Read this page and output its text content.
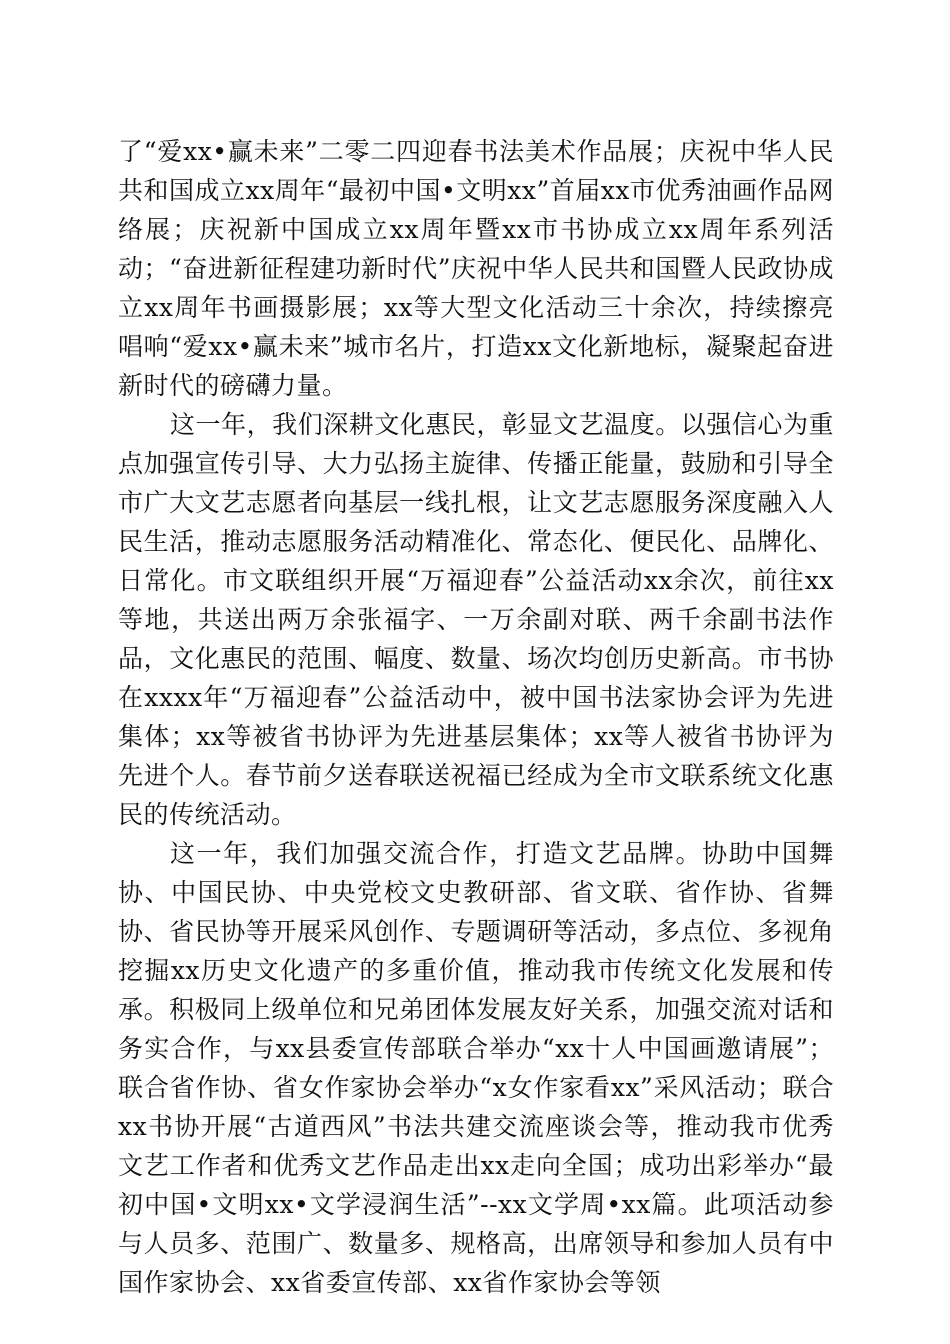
了“爱xx•赢未来”二零二四迎春书法美术作品展；庆祝中华人民共和国成立xx周年“最初中国•文明xx”首届xx市优秀油画作品网络展；庆祝新中国成立xx周年暨xx市书协成立xx周年系列活动；“奋进新征程建功新时代”庆祝中华人民共和国暨人民政协成立xx周年书画摄影展；xx等大型文化活动三十余次，持续擦亮唱响“爱xx•赢未来”城市名片，打造xx文化新地标，凝聚起奋进新时代的磅礴力量。

这一年，我们深耕文化惠民，彰显文艺温度。以强信心为重点加强宣传引导、大力弘扬主旋律、传播正能量，鼓励和引导全市广大文艺志愿者向基层一线扎根，让文艺志愿服务深度融入人民生活，推动志愿服务活动精准化、常态化、便民化、品牌化、日常化。市文联组织开展“万福迎春”公益活动xx余次，前往xx等地，共送出两万余张福字、一万余副对联、两千余副书法作品，文化惠民的范围、幅度、数量、场次均创历史新高。市书协在xxxx年“万福迎春”公益活动中，被中国书法家协会评为先进集体；xx等被省书协评为先进基层集体；xx等人被省书协评为先进个人。春节前夕送春联送祝福已经成为全市文联系统文化惠民的传统活动。

这一年，我们加强交流合作，打造文艺品牌。协助中国舞协、中国民协、中央党校文史教研部、省文联、省作协、省舞协、省民协等开展采风创作、专题调研等活动，多点位、多视角挖掘xx历史文化遗产的多重价值，推动我市传统文化发展和传承。积极同上级单位和兄弟团体发展友好关系，加强交流对话和务实合作，与xx县委宣传部联合举办“xx十人中国画邀请展”；联合省作协、省女作家协会举办“x女作家看xx”采风活动；联合xx书协开展“古道西风”书法共建交流座谈会等，推动我市优秀文艺工作者和优秀文艺作品走出xx走向全国；成功出彩举办“最初中国•文明xx•文学浸润生活”--xx文学周•xx篇。此项活动参与人员多、范围广、数量多、规格高，出席领导和参加人员有中国作家协会、xx省委宣传部、xx省作家协会等领
